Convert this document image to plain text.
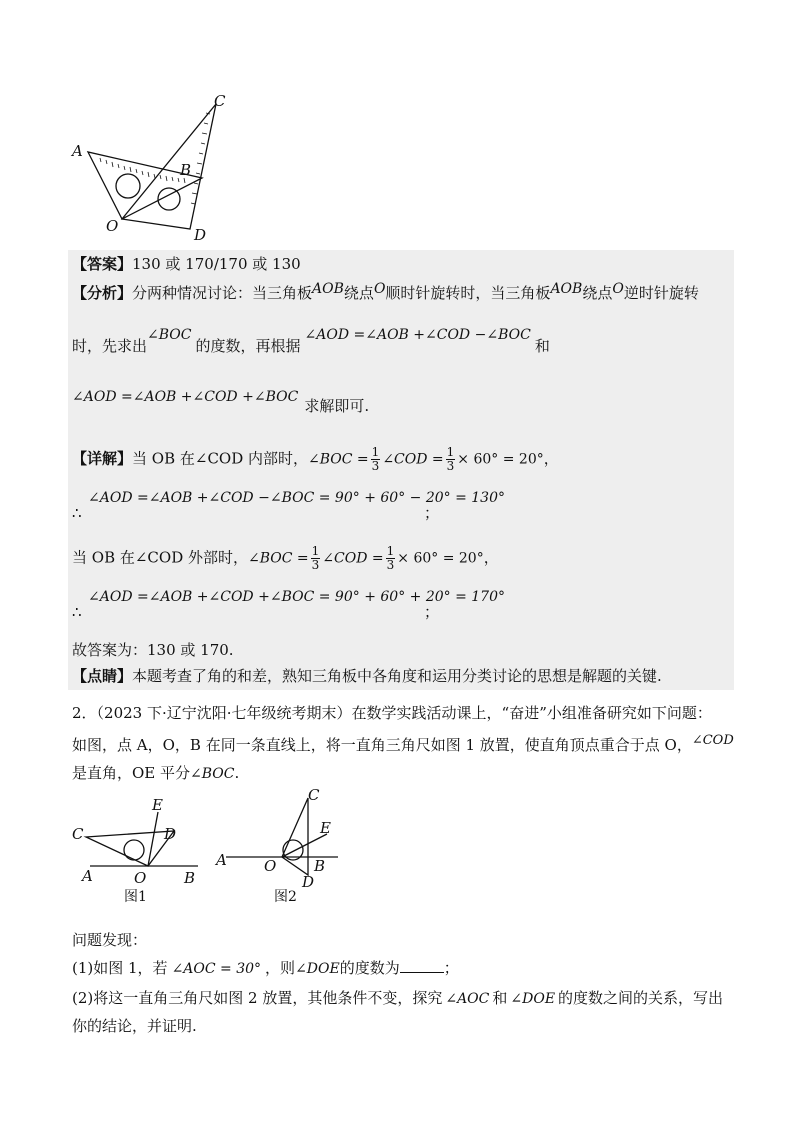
A
C
B
O	D
【答案】130 或 170/170 或 130
【分析】分两种情况讨论：当三角板AOB绕点O顺时针旋转时，当三角板AOB绕点O逆时针旋转
时，先求出∠BOC的度数，再根据∠AOD =∠AOB +∠COD −∠BOC和
∠AOD =∠AOB +∠COD +∠BOC 求解即可.
【详解】当 OB 在∠COD 内部时，∠BOC = $\frac{1}{3}$ ∠COD = $\frac{1}{3} \times 60^\circ = 20^\circ$，
∠AOD =∠AOB +∠COD −∠BOC = 90° + 60° − 20° = 130°
∴	；
当 OB 在∠COD 外部时，∠BOC = $\frac{1}{3}$ ∠COD = $\frac{1}{3} \times 60^\circ = 20^\circ$，
∠AOD =∠AOB +∠COD +∠BOC = 90° + 60° + 20° = 170°
∴	；
故答案为：130 或 170.
【点睛】本题考查了角的和差，熟知三角板中各角度和运用分类讨论的思想是解题的关键.
2．（2023 下·辽宁沈阳·七年级统考期末）在数学实践活动课上，“奋进”小组准备研究如下问题：
如图，点 A，O，B 在同一条直线上，将一直角三角尺如图 1 放置，使直角顶点重合于点 O，∠COD
是直角，OE 平分∠BOC.
E
C	D
A	O	B
图1
C
E
A O	B
D
图2
问题发现：
(1)如图 1，若 ∠AOC = 30° ，则∠DOE的度数为	；
(2)将这一直角三角尺如图 2 放置，其他条件不变，探究 ∠AOC 和 ∠DOE 的度数之间的关系，写出
你的结论，并证明.
